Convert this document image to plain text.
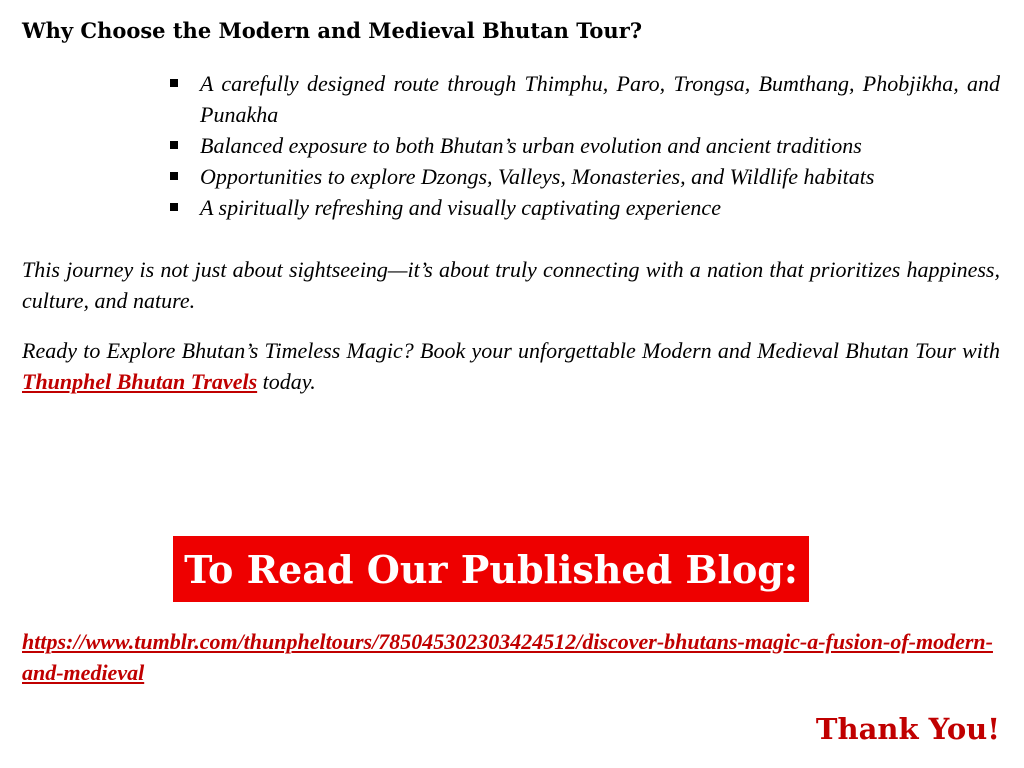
Why Choose the Modern and Medieval Bhutan Tour?
A carefully designed route through Thimphu, Paro, Trongsa, Bumthang, Phobjikha, and Punakha
Balanced exposure to both Bhutan’s urban evolution and ancient traditions
Opportunities to explore Dzongs, Valleys, Monasteries, and Wildlife habitats
A spiritually refreshing and visually captivating experience

This journey is not just about sightseeing—it’s about truly connecting with a nation that prioritizes happiness, culture, and nature.

Ready to Explore Bhutan’s Timeless Magic? Book your unforgettable Modern and Medieval Bhutan Tour with Thunphel Bhutan Travels today.

To Read Our Published Blog:
https://www.tumblr.com/thunpheltours/785045302303424512/discover-bhutans-magic-a-fusion-of-modern-and-medieval
Thank You!
